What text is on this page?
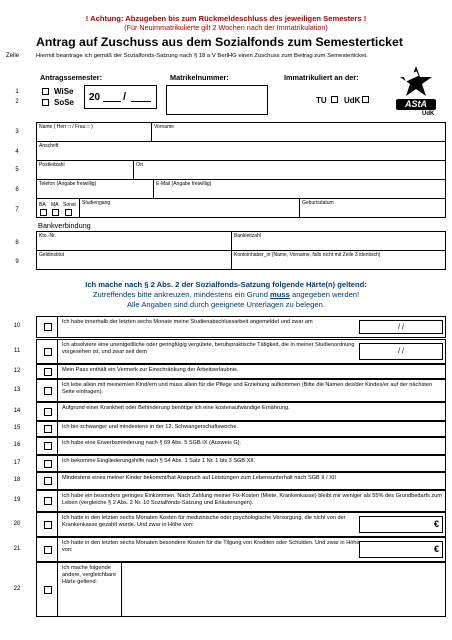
! Achtung: Abzugeben bis zum Rückmeldeschluss des jeweiligen Semesters !
(Für Neuimmatrikulierte gilt 2 Wochen nach der Immatrikulation)
Antrag auf Zuschuss aus dem Sozialfonds zum Semesterticket
Zeile	Hiermit beantrage ich gemäß der Sozialfonds-Satzung nach § 18 a V BerlHG einen Zuschuss zum Beitrag zum Semesterticket.
Antragssemester:
1
2
WiSe
SoSe 20 /
Matrikelnummer:	Immatrikuliert an der:
TU UdK	AStA
UdK
3
Name ( Herr □ / Frau □ )	Vorname
4
Anschrift
5
Postleitzahl	Ort
6
Telefon (Angabe freiwillig)	E-Mail (Angabe freiwillig)
7
BA MA Sonst Studiengang	Geburtsdatum
Bankverbindung
8
Kto.-Nr.	Bankleitzahl
9
Geldinstitut	Kontoinhaber_in (Name, Vorname, falls nicht mit Zeile 3 identisch)
Ich mache nach § 2 Abs. 2 der Sozialfonds-Satzung folgende Härte(n) geltend:
Zutreffendes bitte ankreuzen, mindestens ein Grund muss angegeben werden!
Alle Angaben sind durch geeignete Unterlagen zu belegen.
10
Ich habe innerhalb der letzten sechs Monate meine Studienabschlussarbeit angemeldet und zwar am
/ /
11
Ich absolviere eine unentgeltliche oder geringfügig vergütete, berufspraktische Tätigkeit, die in meiner Studienordnung vorgesehen ist, und zwar seit dem	/ /
12	Mein Pass enthält ein Vermerk zur Einschränkung der Arbeitserlaubnis.
13
Ich lebe allein mit meinem/en Kind/ern und muss allein für die Pflege und Erziehung aufkommen (Bitte die Namen des/der Kindes/er auf der nächsten Seite eintragen).
14	Aufgrund einer Krankheit oder Behinderung benötige ich eine kostenaufwändige Ernährung.
15	Ich bin schwanger und mindestens in der 12. Schwangerschaftswoche.
16	Ich habe eine Erwerbsminderung nach § 69 Abs. 5 SGB IX (Ausweis G).
17	Ich bekomme Eingliederungshilfe nach § 54 Abs. 1 Satz 1 Nr. 1 bis 3 SGB XII.
18	Mindestens eines meiner Kinder bekommt/hat Anspruch auf Leistungen zum Lebensunterhalt nach SGB II / XII
19
Ich habe ein besonders geringes Einkommen. Nach Zahlung meiner Fix-Kosten (Miete, Krankenkasse) bleibt mir weniger als 55% des Grundbedarfs zum Leben (vergleiche § 2 Abs. 2 Nr. 10 Sozialfonds-Satzung und Erläuterungen).
20
Ich hatte in den letzten sechs Monaten Kosten für medizinische oder psychologische Versorgung, die nicht von der Krankenkasse gezahlt wurde. Und zwar in Höhe von:	€
21
Ich hatte in den letzten sechs Monaten besondere Kosten für die Tilgung von Krediten oder Schulden. Und zwar in Höhe von:	€
22
Ich mache folgende andere, vergleichbare Härte geltend:
